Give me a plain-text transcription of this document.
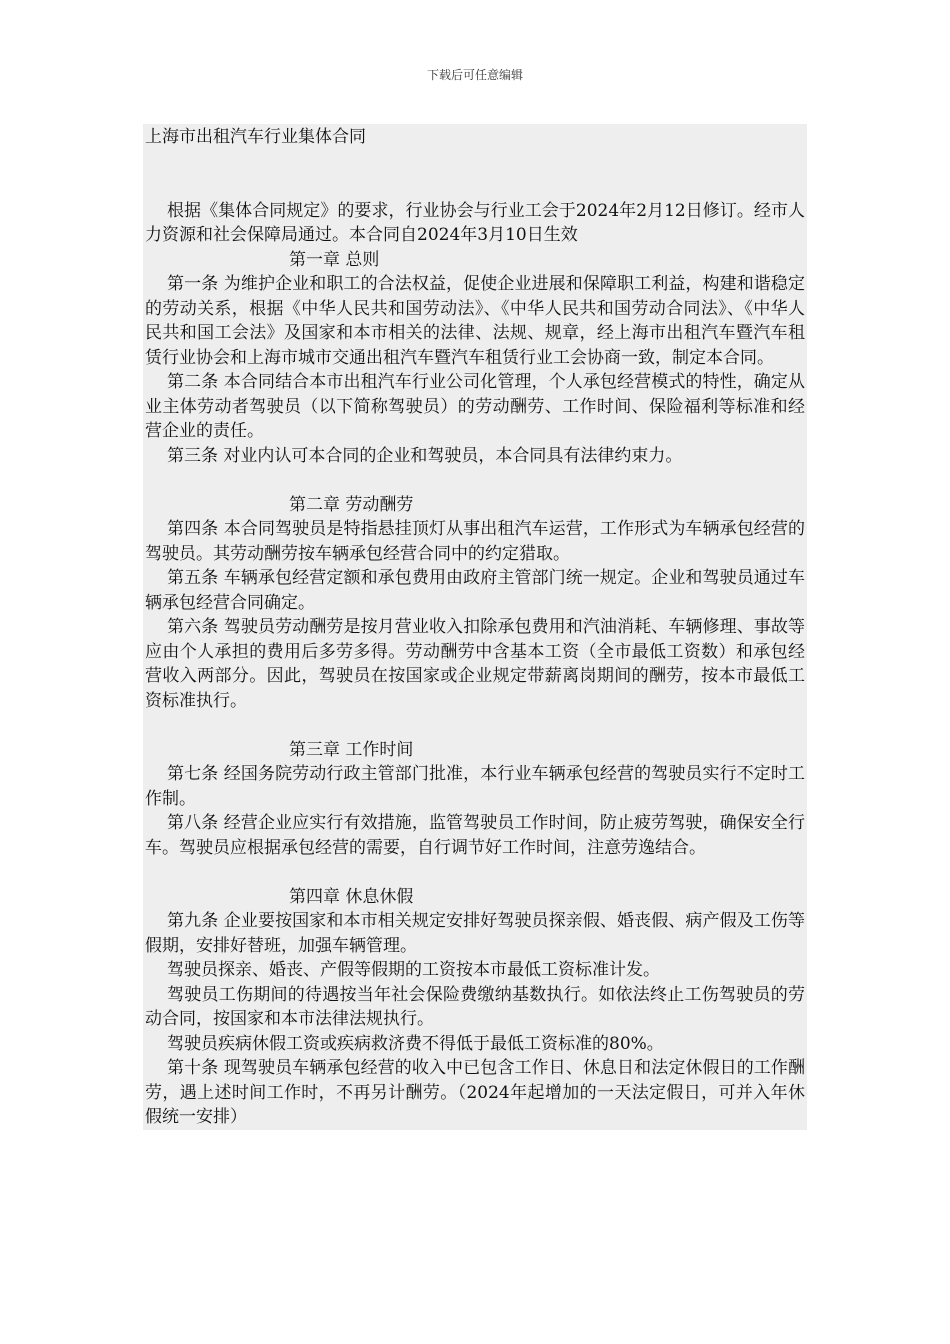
下载后可任意编辑

上海市出租汽车行业集体合同

根据《集体合同规定》的要求，行业协会与行业工会于2024年2月12日修订。经市人力资源和社会保障局通过。本合同自2024年3月10日生效

第一章 总则

第一条 为维护企业和职工的合法权益，促使企业进展和保障职工利益，构建和谐稳定的劳动关系，根据《中华人民共和国劳动法》、《中华人民共和国劳动合同法》、《中华人民共和国工会法》及国家和本市相关的法律、法规、规章，经上海市出租汽车暨汽车租赁行业协会和上海市城市交通出租汽车暨汽车租赁行业工会协商一致，制定本合同。

第二条 本合同结合本市出租汽车行业公司化管理，个人承包经营模式的特性，确定从业主体劳动者驾驶员（以下简称驾驶员）的劳动酬劳、工作时间、保险福利等标准和经营企业的责任。

第三条 对业内认可本合同的企业和驾驶员，本合同具有法律约束力。

第二章 劳动酬劳

第四条 本合同驾驶员是特指悬挂顶灯从事出租汽车运营，工作形式为车辆承包经营的驾驶员。其劳动酬劳按车辆承包经营合同中的约定猎取。

第五条 车辆承包经营定额和承包费用由政府主管部门统一规定。企业和驾驶员通过车辆承包经营合同确定。

第六条 驾驶员劳动酬劳是按月营业收入扣除承包费用和汽油消耗、车辆修理、事故等应由个人承担的费用后多劳多得。劳动酬劳中含基本工资（全市最低工资数）和承包经营收入两部分。因此，驾驶员在按国家或企业规定带薪离岗期间的酬劳，按本市最低工资标准执行。

第三章 工作时间

第七条 经国务院劳动行政主管部门批准，本行业车辆承包经营的驾驶员实行不定时工作制。

第八条 经营企业应实行有效措施，监管驾驶员工作时间，防止疲劳驾驶，确保安全行车。驾驶员应根据承包经营的需要，自行调节好工作时间，注意劳逸结合。

第四章 休息休假

第九条 企业要按国家和本市相关规定安排好驾驶员探亲假、婚丧假、病产假及工伤等假期，安排好替班，加强车辆管理。

驾驶员探亲、婚丧、产假等假期的工资按本市最低工资标准计发。

驾驶员工伤期间的待遇按当年社会保险费缴纳基数执行。如依法终止工伤驾驶员的劳动合同，按国家和本市法律法规执行。

驾驶员疾病休假工资或疾病救济费不得低于最低工资标准的80%。

第十条 现驾驶员车辆承包经营的收入中已包含工作日、休息日和法定休假日的工作酬劳，遇上述时间工作时，不再另计酬劳。（2024年起增加的一天法定假日，可并入年休假统一安排）
